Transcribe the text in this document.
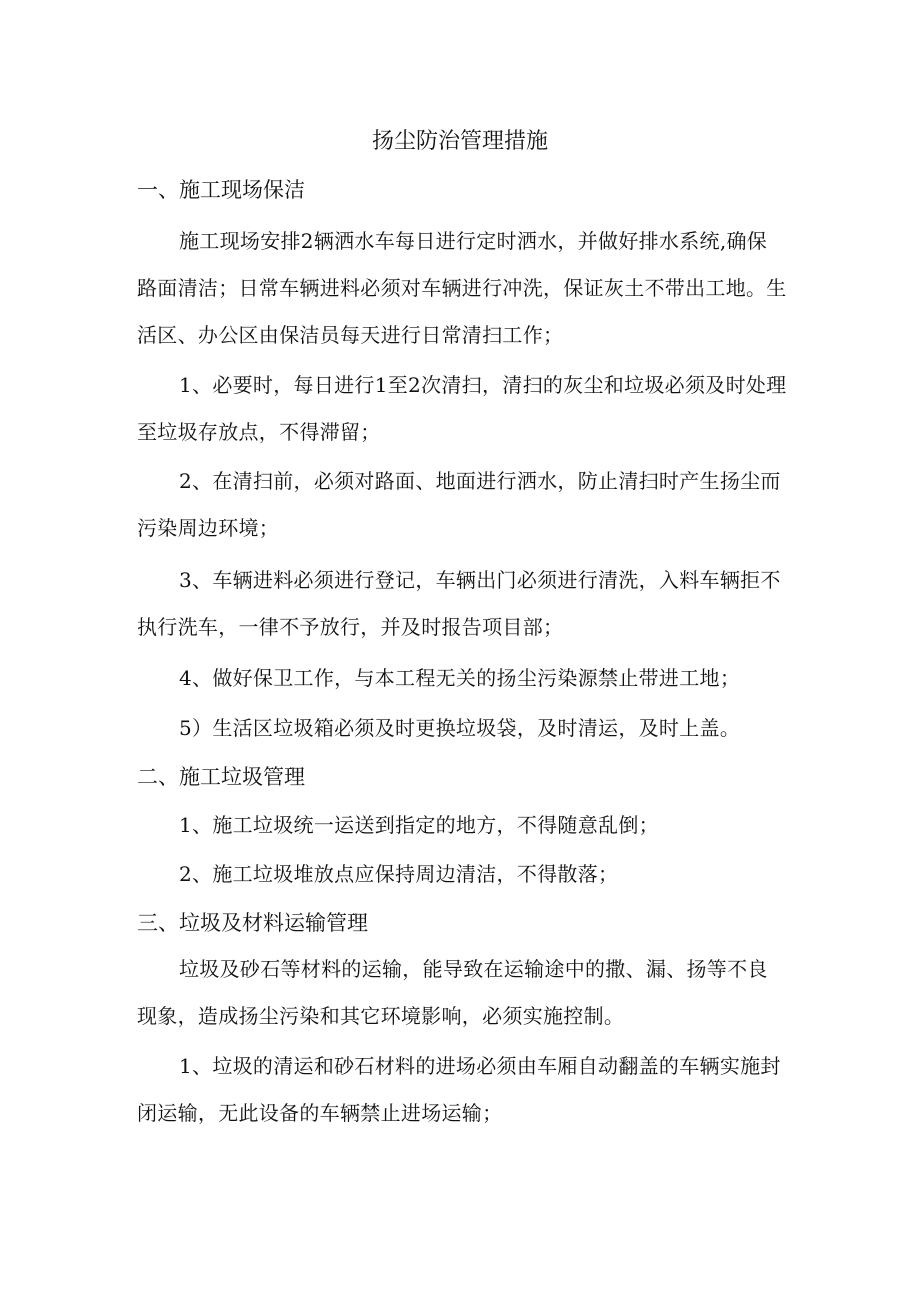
扬尘防治管理措施
一、施工现场保洁

施工现场安排2辆洒水车每日进行定时洒水，并做好排水系统,确保路面清洁；日常车辆进料必须对车辆进行冲洗，保证灰土不带出工地。生活区、办公区由保洁员每天进行日常清扫工作；

1、必要时，每日进行1至2次清扫，清扫的灰尘和垃圾必须及时处理至垃圾存放点，不得滞留；

2、在清扫前，必须对路面、地面进行洒水，防止清扫时产生扬尘而污染周边环境；

3、车辆进料必须进行登记，车辆出门必须进行清洗，入料车辆拒不执行洗车，一律不予放行，并及时报告项目部；

4、做好保卫工作，与本工程无关的扬尘污染源禁止带进工地；

5）生活区垃圾箱必须及时更换垃圾袋，及时清运，及时上盖。

二、施工垃圾管理

1、施工垃圾统一运送到指定的地方，不得随意乱倒；

2、施工垃圾堆放点应保持周边清洁，不得散落；

三、垃圾及材料运输管理

垃圾及砂石等材料的运输，能导致在运输途中的撒、漏、扬等不良现象，造成扬尘污染和其它环境影响，必须实施控制。

1、垃圾的清运和砂石材料的进场必须由车厢自动翻盖的车辆实施封闭运输，无此设备的车辆禁止进场运输；
